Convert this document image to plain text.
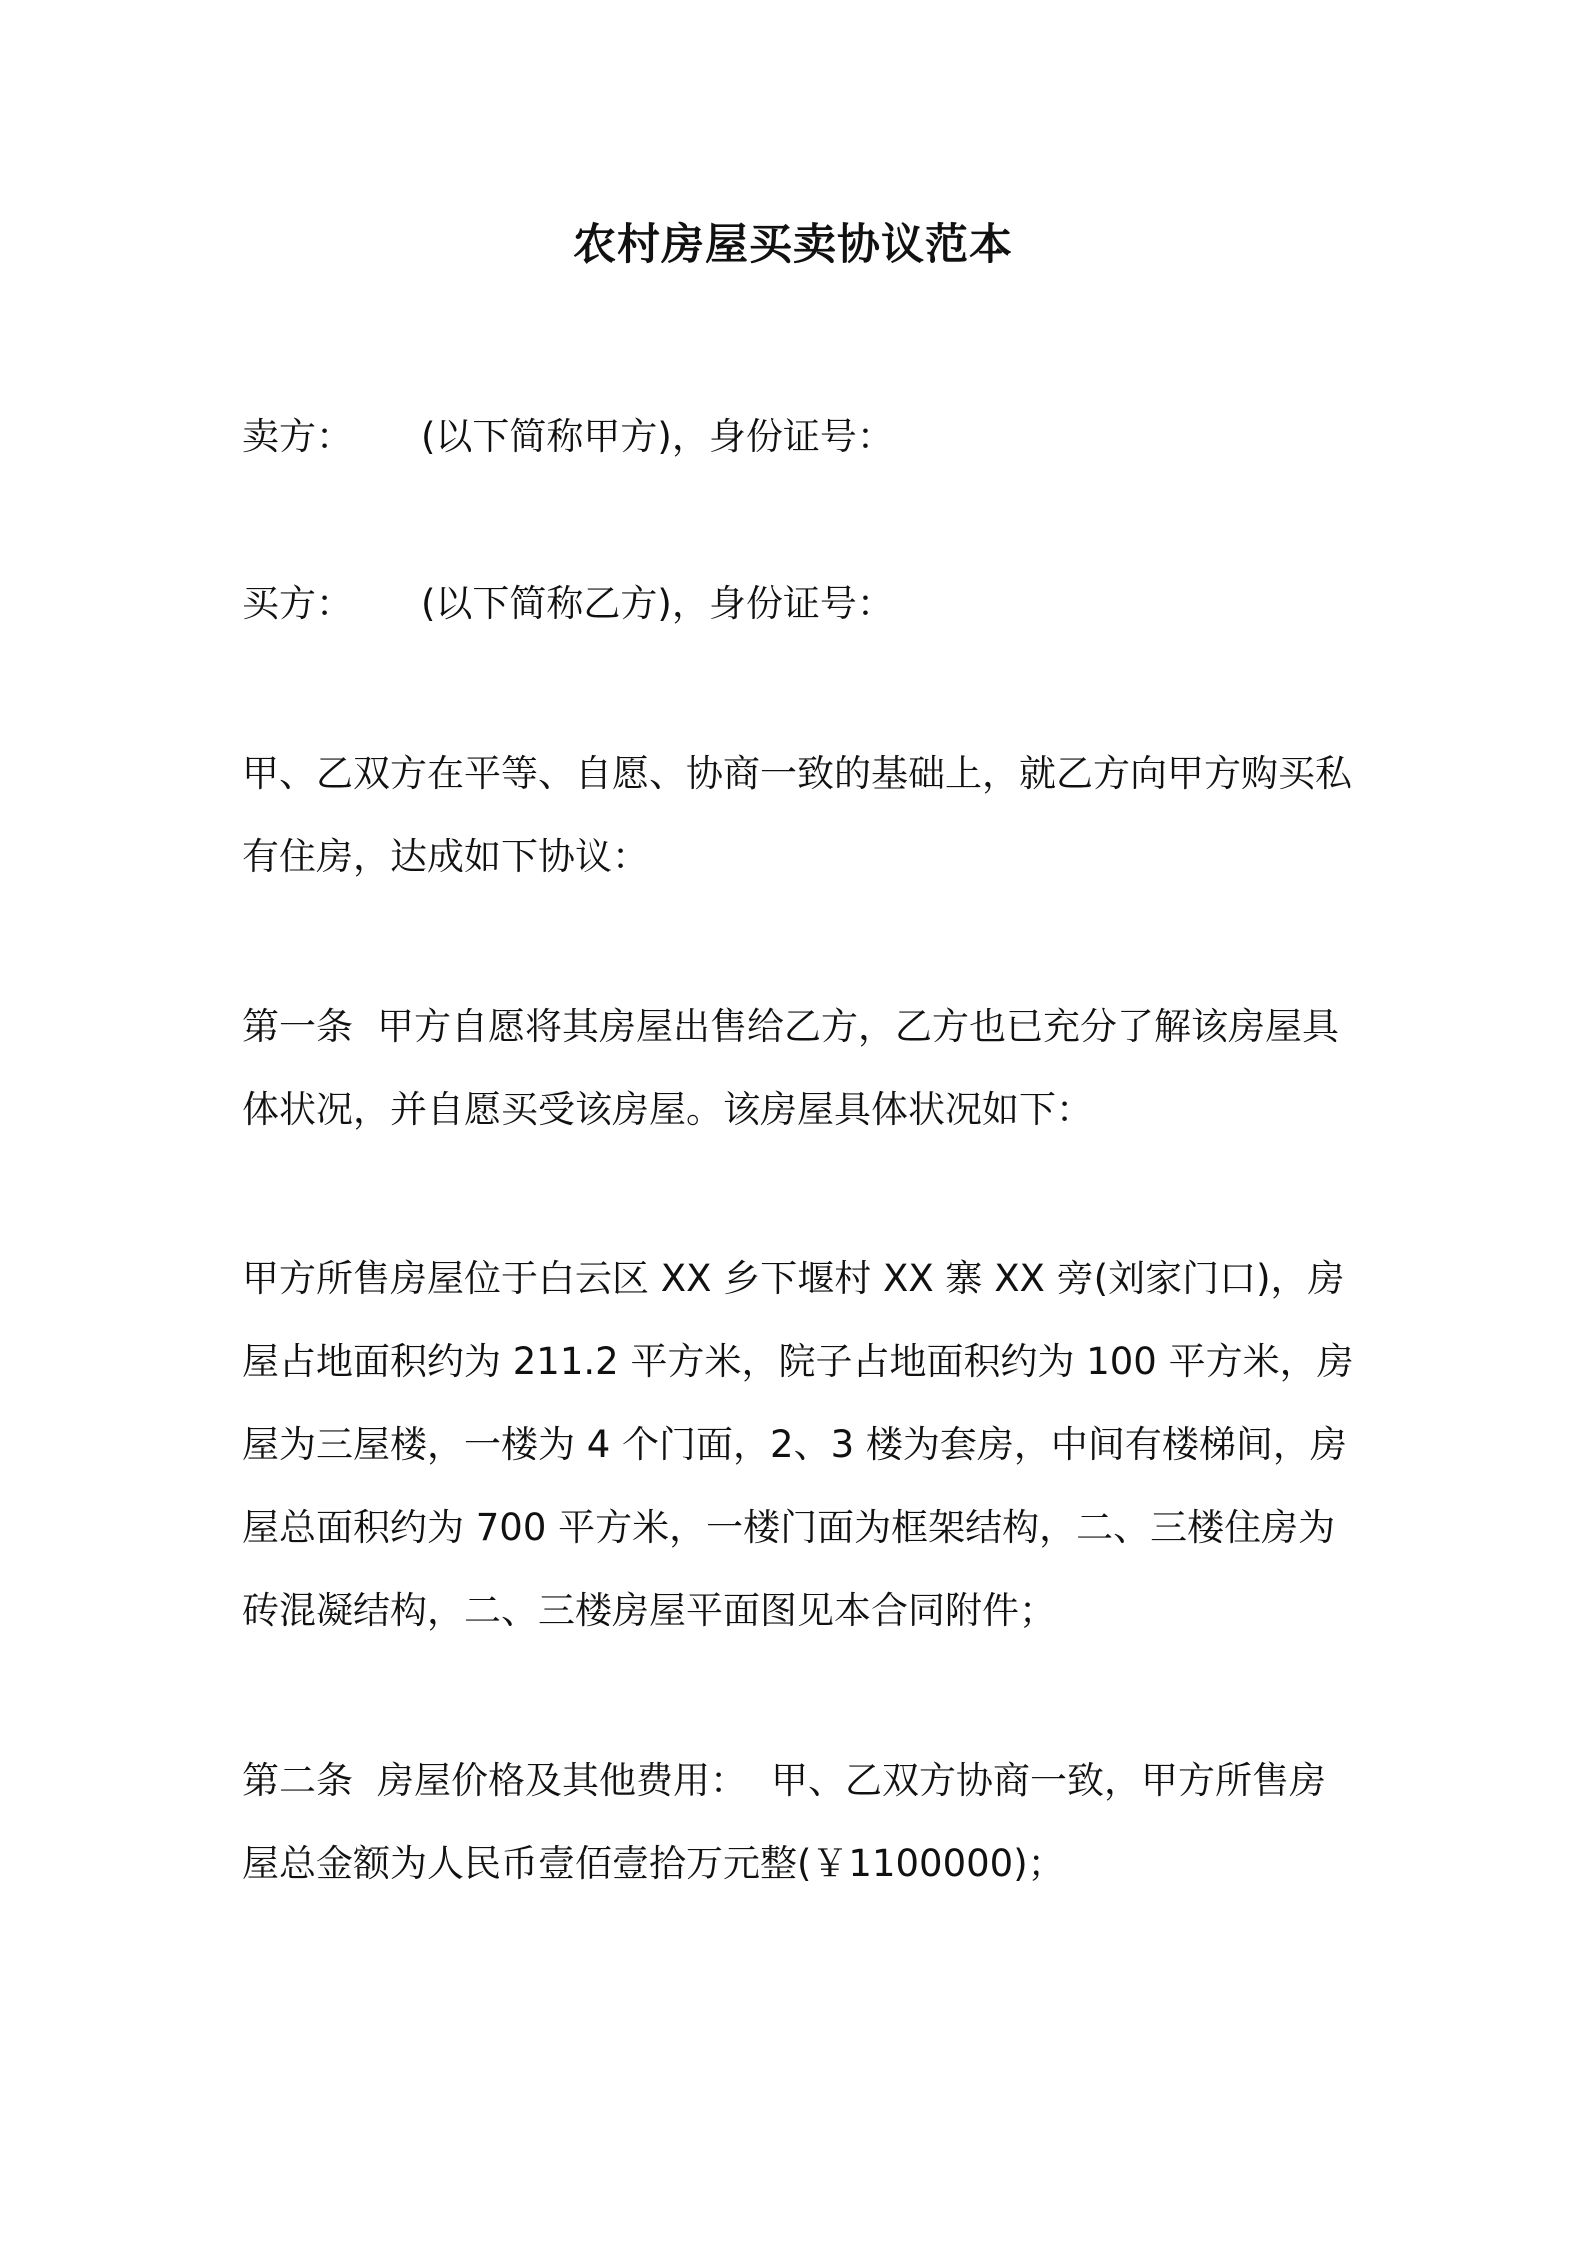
农村房屋买卖协议范本

卖方： (以下简称甲方)，身份证号：

买方： (以下简称乙方)，身份证号：

甲、乙双方在平等、自愿、协商一致的基础上，就乙方向甲方购买私有住房，达成如下协议：

第一条 甲方自愿将其房屋出售给乙方，乙方也已充分了解该房屋具体状况，并自愿买受该房屋。该房屋具体状况如下：

甲方所售房屋位于白云区 XX 乡下堰村 XX 寨 XX 旁(刘家门口)，房屋占地面积约为 211.2 平方米，院子占地面积约为 100 平方米，房屋为三屋楼，一楼为 4 个门面，2、3 楼为套房，中间有楼梯间，房屋总面积约为 700 平方米，一楼门面为框架结构，二、三楼住房为砖混凝结构，二、三楼房屋平面图见本合同附件；

第二条 房屋价格及其他费用： 甲、乙双方协商一致，甲方所售房屋总金额为人民币壹佰壹拾万元整(￥1100000)；
